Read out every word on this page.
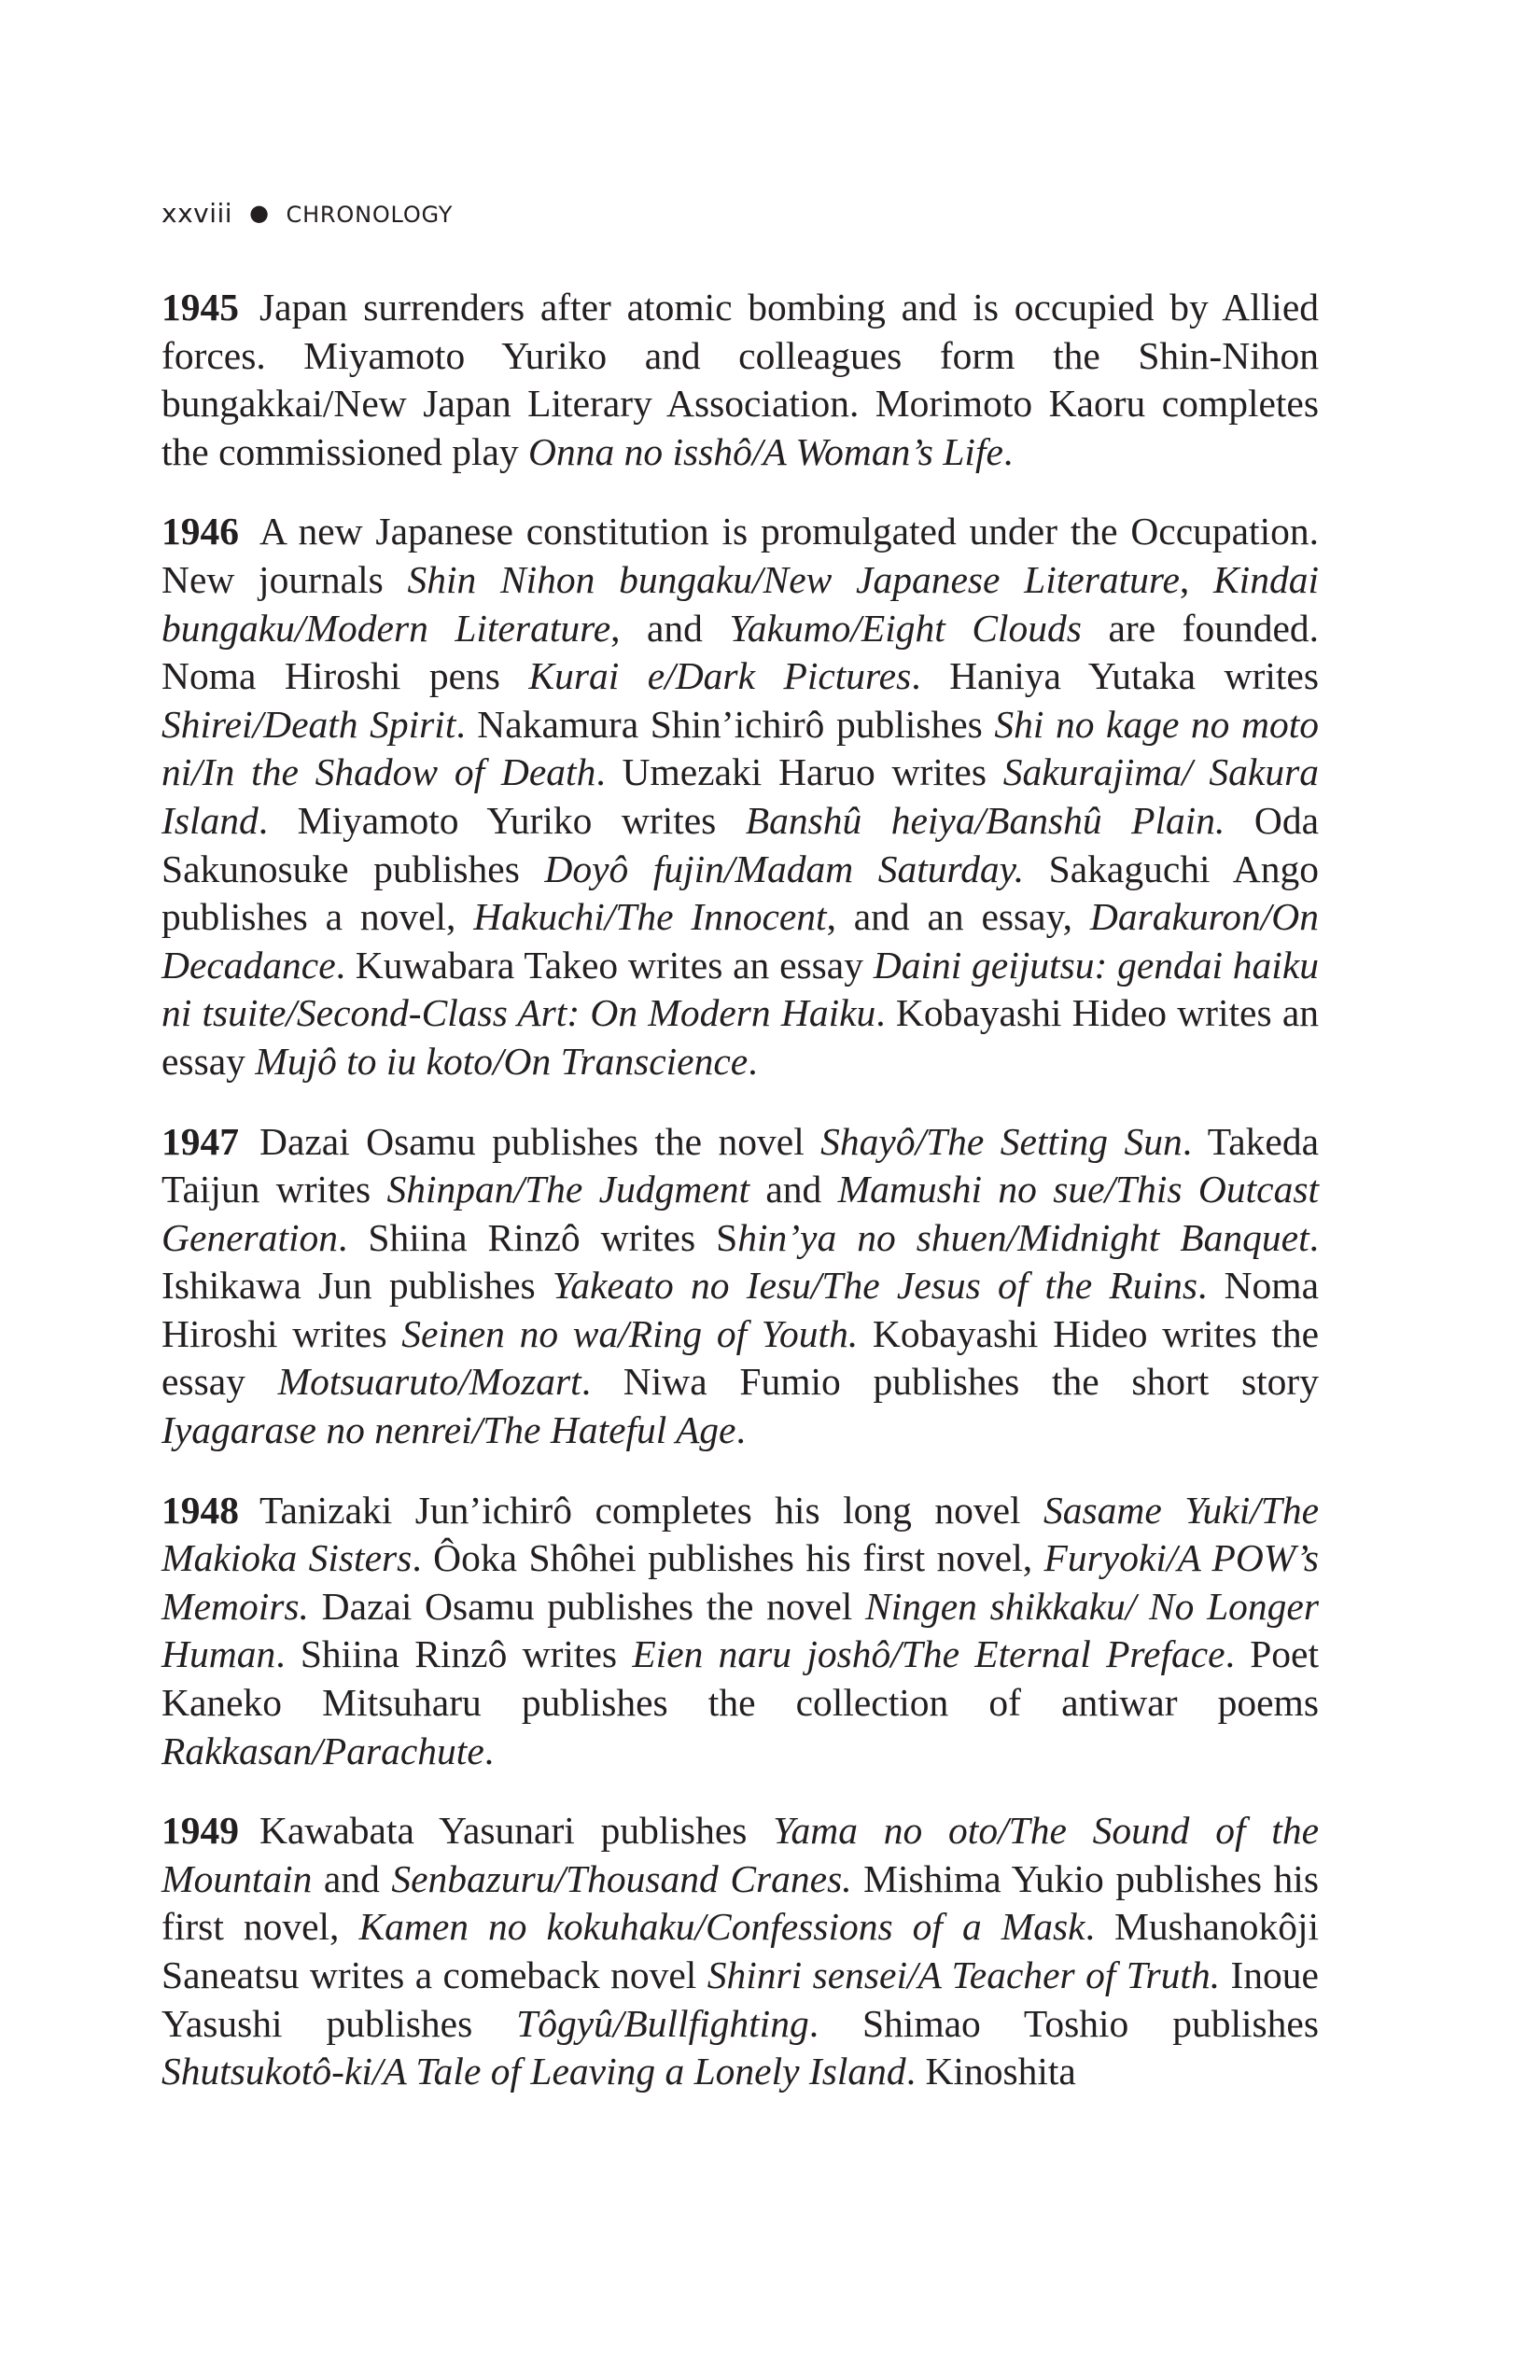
xxviii ● CHRONOLOGY

1945 Japan surrenders after atomic bombing and is occupied by Allied forces. Miyamoto Yuriko and colleagues form the Shin-Nihon bungakkai/New Japan Literary Association. Morimoto Kaoru completes the commissioned play Onna no isshô/A Woman’s Life.

1946 A new Japanese constitution is promulgated under the Occupation. New journals Shin Nihon bungaku/New Japanese Literature, Kindai bungaku/Modern Literature, and Yakumo/Eight Clouds are founded. Noma Hiroshi pens Kurai e/Dark Pictures. Haniya Yutaka writes Shirei/Death Spirit. Nakamura Shin’ichirô publishes Shi no kage no moto ni/In the Shadow of Death. Umezaki Haruo writes Sakurajima/ Sakura Island. Miyamoto Yuriko writes Banshû heiya/Banshû Plain. Oda Sakunosuke publishes Doyô fujin/Madam Saturday. Sakaguchi Ango publishes a novel, Hakuchi/The Innocent, and an essay, Darakuron/On Decadance. Kuwabara Takeo writes an essay Daini geijutsu: gendai haiku ni tsuite/Second-Class Art: On Modern Haiku. Kobayashi Hideo writes an essay Mujô to iu koto/On Transcience.

1947 Dazai Osamu publishes the novel Shayô/The Setting Sun. Takeda Taijun writes Shinpan/The Judgment and Mamushi no sue/This Outcast Generation. Shiina Rinzô writes Shin’ya no shuen/Midnight Banquet. Ishikawa Jun publishes Yakeato no Iesu/The Jesus of the Ruins. Noma Hiroshi writes Seinen no wa/Ring of Youth. Kobayashi Hideo writes the essay Motsuaruto/Mozart. Niwa Fumio publishes the short story Iyagarase no nenrei/The Hateful Age.

1948 Tanizaki Jun’ichirô completes his long novel Sasame Yuki/The Makioka Sisters. Ôoka Shôhei publishes his first novel, Furyoki/A POW’s Memoirs. Dazai Osamu publishes the novel Ningen shikkaku/ No Longer Human. Shiina Rinzô writes Eien naru joshô/The Eternal Preface. Poet Kaneko Mitsuharu publishes the collection of antiwar poems Rakkasan/Parachute.

1949 Kawabata Yasunari publishes Yama no oto/The Sound of the Mountain and Senbazuru/Thousand Cranes. Mishima Yukio publishes his first novel, Kamen no kokuhaku/Confessions of a Mask. Mushanokôji Saneatsu writes a comeback novel Shinri sensei/A Teacher of Truth. Inoue Yasushi publishes Tôgyû/Bullfighting. Shimao Toshio publishes Shutsukotô-ki/A Tale of Leaving a Lonely Island. Kinoshita
